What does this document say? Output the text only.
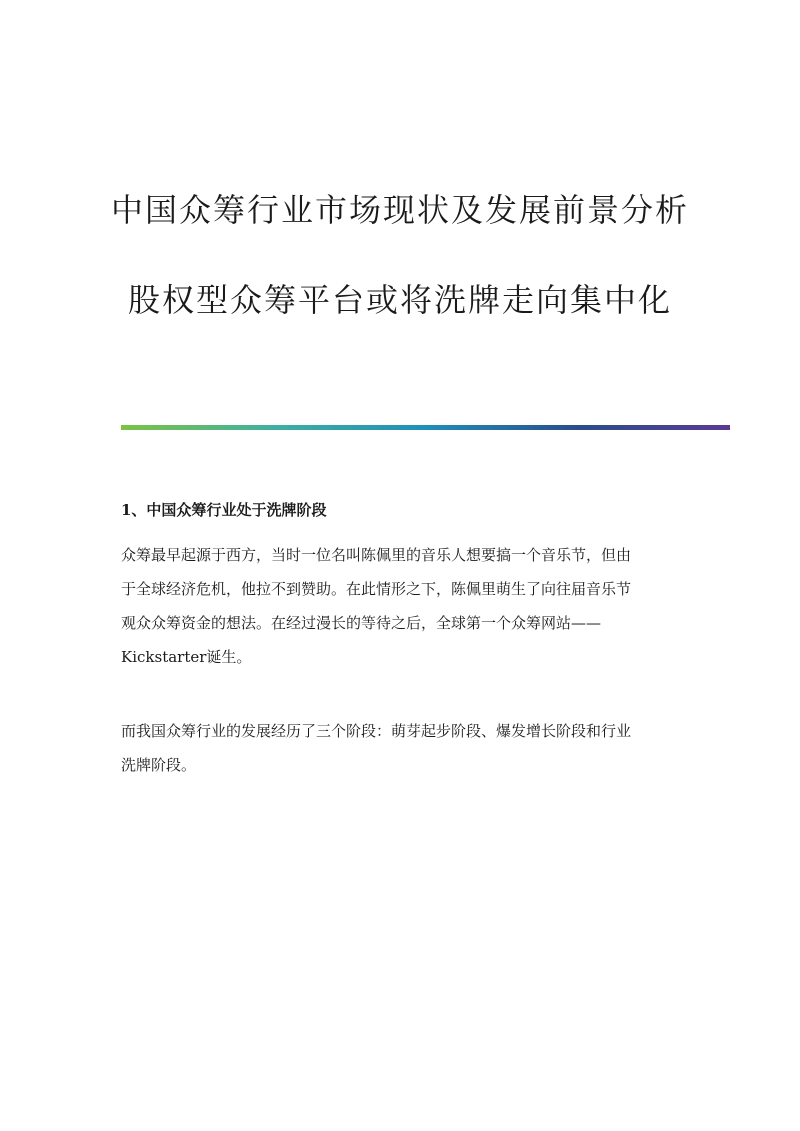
中国众筹行业市场现状及发展前景分析
股权型众筹平台或将洗牌走向集中化
1、中国众筹行业处于洗牌阶段

众筹最早起源于西方，当时一位名叫陈佩里的音乐人想要搞一个音乐节，但由
于全球经济危机，他拉不到赞助。在此情形之下，陈佩里萌生了向往届音乐节
观众众筹资金的想法。在经过漫长的等待之后，全球第一个众筹网站——
Kickstarter诞生。

而我国众筹行业的发展经历了三个阶段：萌芽起步阶段、爆发增长阶段和行业
洗牌阶段。
